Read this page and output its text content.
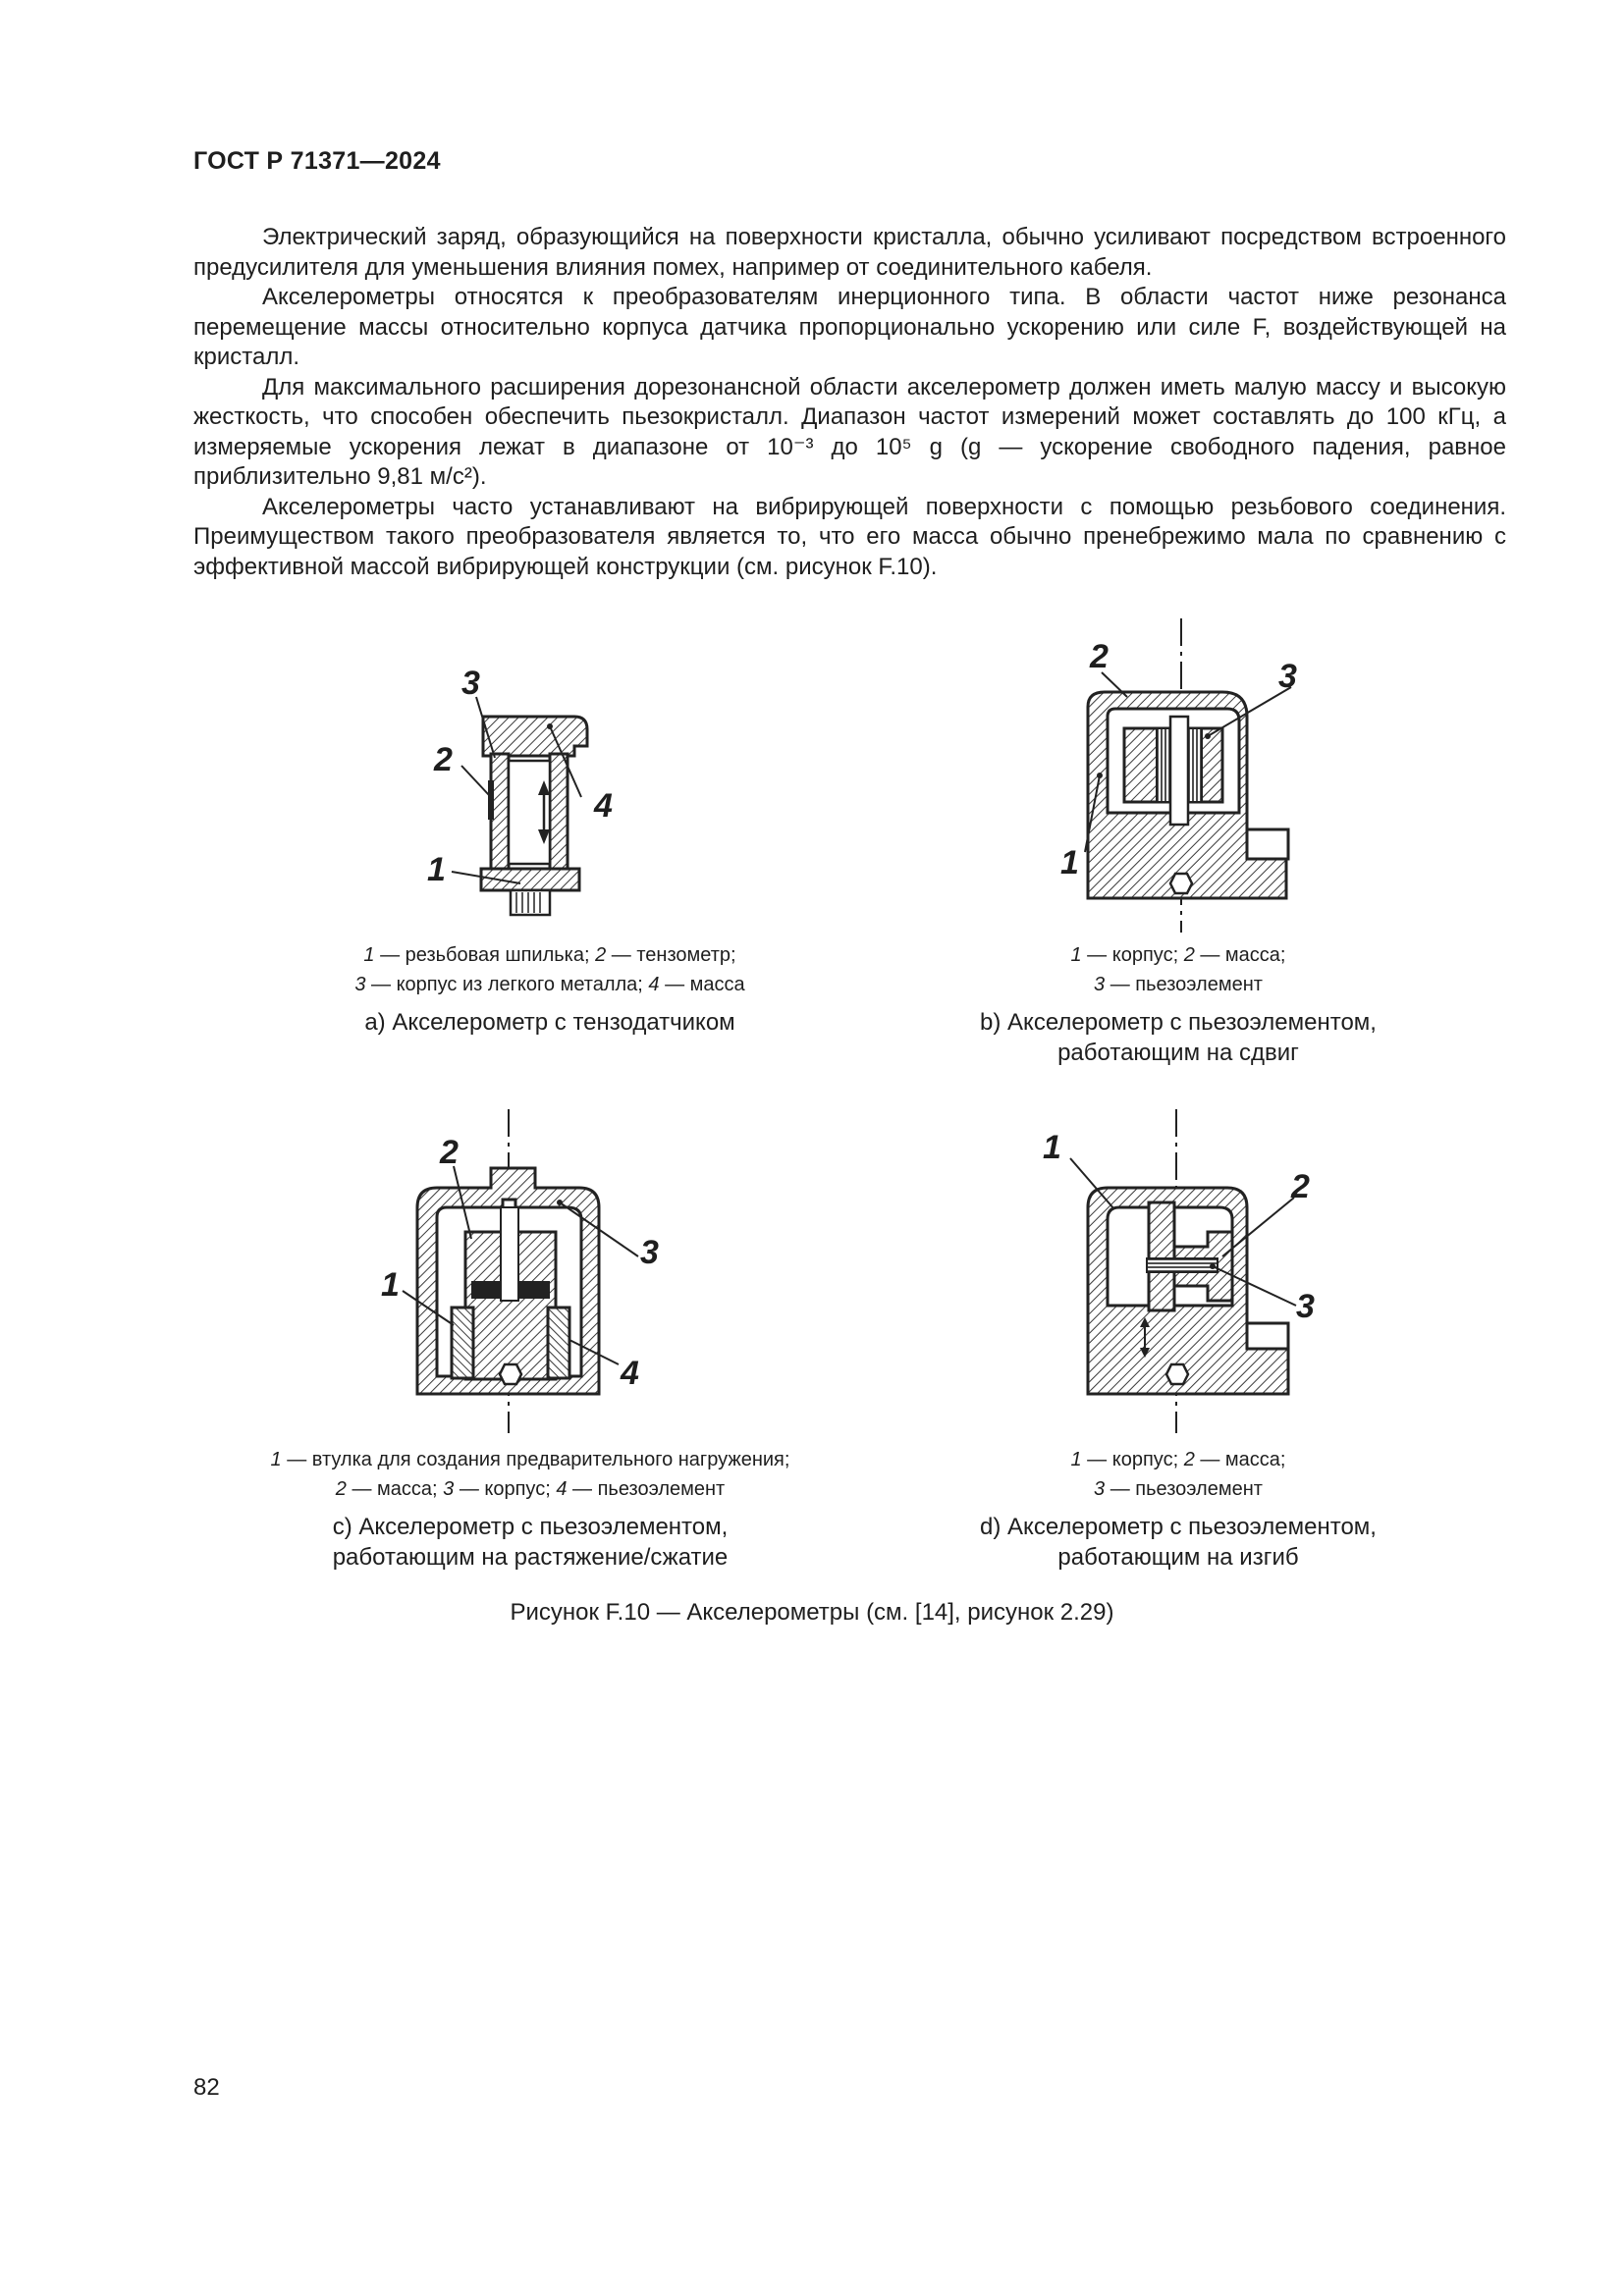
ГОСТ Р 71371—2024

Электрический заряд, образующийся на поверхности кристалла, обычно усиливают посредством встроенного предусилителя для уменьшения влияния помех, например от соединительного кабеля.

Акселерометры относятся к преобразователям инерционного типа. В области частот ниже резонанса перемещение массы относительно корпуса датчика пропорционально ускорению или силе F, воздействующей на кристалл.

Для максимального расширения дорезонансной области акселерометр должен иметь малую массу и высокую жесткость, что способен обеспечить пьезокристалл. Диапазон частот измерений может составлять до 100 кГц, а измеряемые ускорения лежат в диапазоне от 10⁻³ до 10⁵ g (g — ускорение свободного падения, равное приблизительно 9,81 м/с²).

Акселерометры часто устанавливают на вибрирующей поверхности с помощью резьбового соединения. Преимуществом такого преобразователя является то, что его масса обычно пренебрежимо мала по сравнению с эффективной массой вибрирующей конструкции (см. рисунок F.10).

3
2
4
1
1 — резьбовая шпилька; 2 — тензометр;
3 — корпус из легкого металла; 4 — масса
a) Акселерометр с тензодатчиком
2
3
1
1 — корпус; 2 — масса;
3 — пьезоэлемент
b) Акселерометр с пьезоэлементом,
работающим на сдвиг
2
3
1
4
1 — втулка для создания предварительного нагружения;
2 — масса; 3 — корпус; 4 — пьезоэлемент
c) Акселерометр с пьезоэлементом,
работающим на растяжение/сжатие
1
2
3
1 — корпус; 2 — масса;
3 — пьезоэлемент
d) Акселерометр с пьезоэлементом,
работающим на изгиб
Рисунок F.10 — Акселерометры (см. [14], рисунок 2.29)
82
